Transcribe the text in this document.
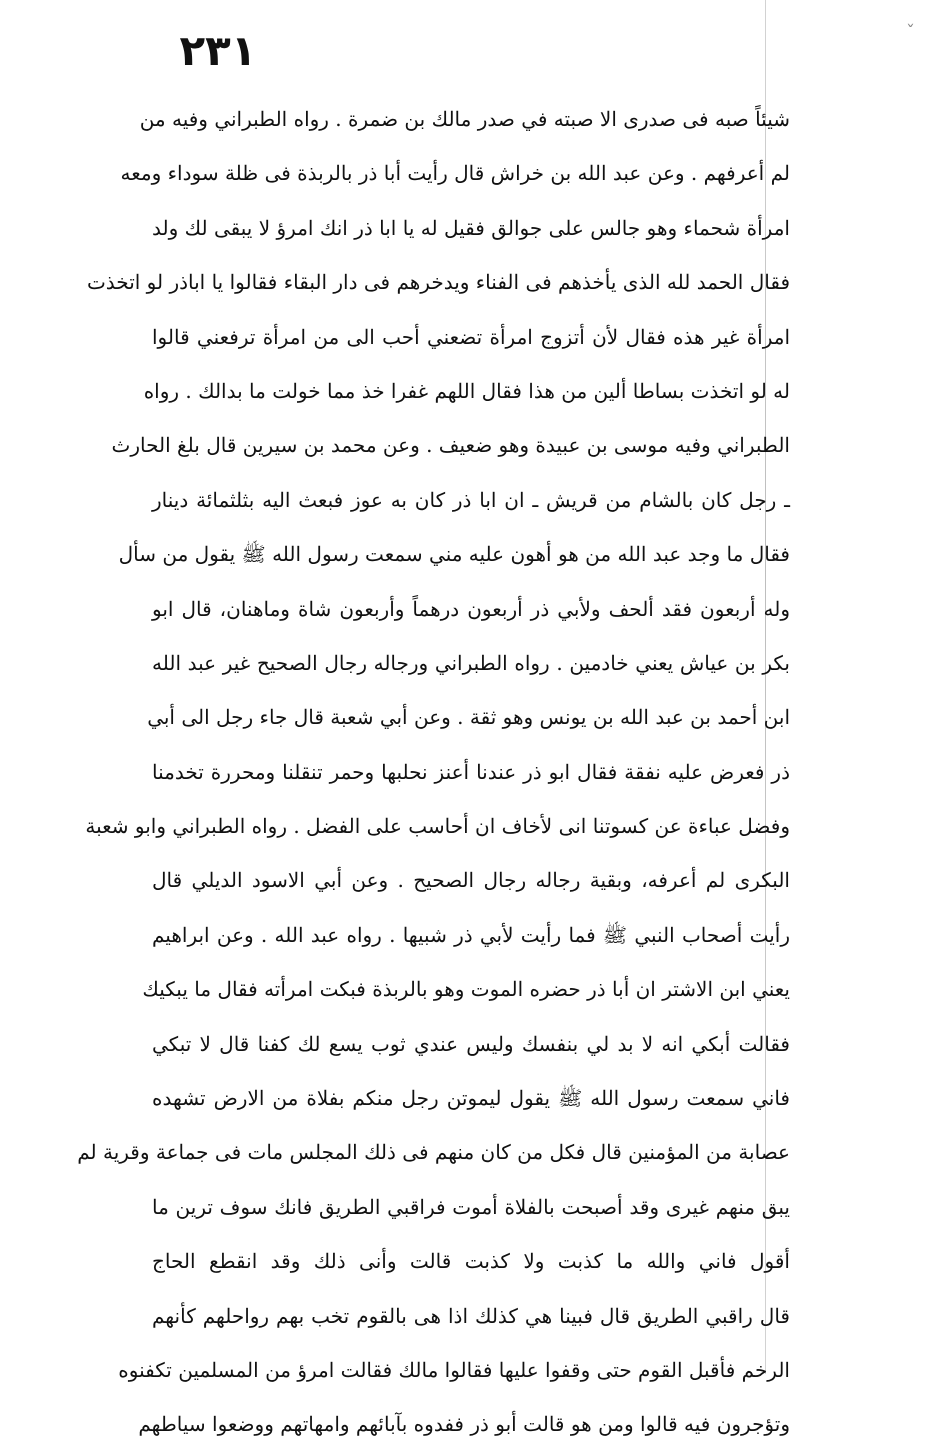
ˇ
٢٣١
شيئاً صبه فى صدرى الا صبته في صدر مالك بن ضمرة . رواه الطبراني وفيه من
لم أعرفهم . وعن عبد الله بن خراش قال رأيت أبا ذر بالربذة فى ظلة سوداء ومعه
امرأة شحماء وهو جالس على جوالق فقيل له يا ابا ذر انك امرؤ لا يبقى لك ولد
فقال الحمد لله الذى يأخذهم فى الفناء ويدخرهم فى دار البقاء فقالوا يا اباذر لو اتخذت
امرأة غير هذه فقال لأن أتزوج امرأة تضعني أحب الى من امرأة ترفعني قالوا
له لو اتخذت بساطا ألين من هذا فقال اللهم غفرا خذ مما خولت ما بدالك . رواه
الطبراني وفيه موسى بن عبيدة وهو ضعيف . وعن محمد بن سيرين قال بلغ الحارث
ـ رجل كان بالشام من قريش ـ ان ابا ذر كان به عوز فبعث اليه بثلثمائة دينار
فقال ما وجد عبد الله من هو أهون عليه مني سمعت رسول الله ﷺ يقول من سأل
وله أربعون فقد ألحف ولأبي ذر أربعون درهماً وأربعون شاة وماهنان، قال ابو
بكر بن عياش يعني خادمين . رواه الطبراني ورجاله رجال الصحيح غير عبد الله
ابن أحمد بن عبد الله بن يونس وهو ثقة . وعن أبي شعبة قال جاء رجل الى أبي
ذر فعرض عليه نفقة فقال ابو ذر عندنا أعنز نحلبها وحمر تنقلنا ومحررة تخدمنا
وفضل عباءة عن كسوتنا انى لأخاف ان أحاسب على الفضل . رواه الطبراني وابو شعبة
البكرى لم أعرفه، وبقية رجاله رجال الصحيح . وعن أبي الاسود الديلي قال
رأيت أصحاب النبي ﷺ فما رأيت لأبي ذر شبيها . رواه عبد الله . وعن ابراهيم
يعني ابن الاشتر ان أبا ذر حضره الموت وهو بالربذة فبكت امرأته فقال ما يبكيك
فقالت أبكي انه لا بد لي بنفسك وليس عندي ثوب يسع لك كفنا قال لا تبكي
فاني سمعت رسول الله ﷺ يقول ليموتن رجل منكم بفلاة من الارض تشهده
عصابة من المؤمنين قال فكل من كان منهم فى ذلك المجلس مات فى جماعة وقرية لم
يبق منهم غيرى وقد أصبحت بالفلاة أموت فراقبي الطريق فانك سوف ترين ما
أقول فاني والله ما كذبت ولا كذبت قالت وأنى ذلك وقد انقطع الحاج
قال راقبي الطريق قال فبينا هي كذلك اذا هى بالقوم تخب بهم رواحلهم كأنهم
الرخم فأقبل القوم حتى وقفوا عليها فقالوا مالك فقالت امرؤ من المسلمين تكفنوه
وتؤجرون فيه قالوا ومن هو قالت أبو ذر ففدوه بآبائهم وامهاتهم ووضعوا سياطهم
